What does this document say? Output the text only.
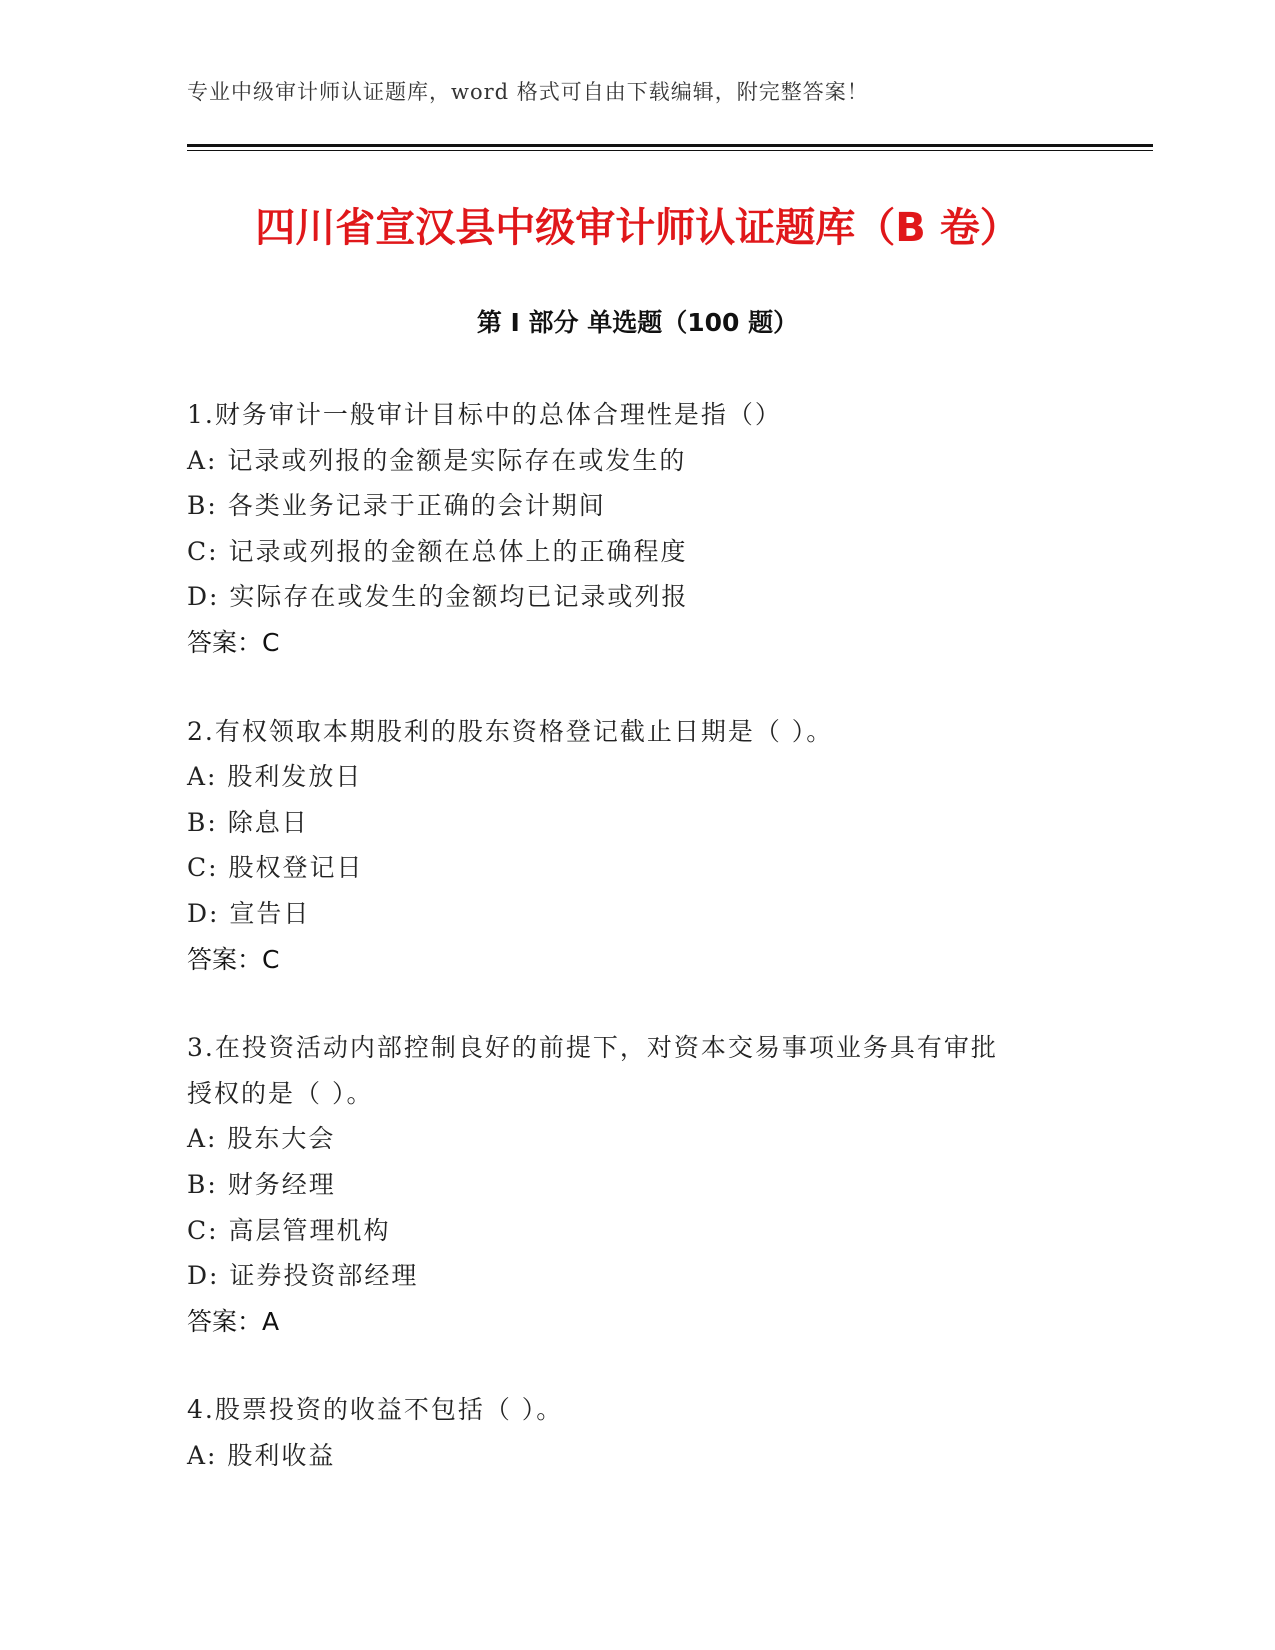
专业中级审计师认证题库，word 格式可自由下载编辑，附完整答案！
四川省宣汉县中级审计师认证题库（B 卷）
第 I 部分 单选题（100 题）
1.财务审计一般审计目标中的总体合理性是指（）
A: 记录或列报的金额是实际存在或发生的
B: 各类业务记录于正确的会计期间
C: 记录或列报的金额在总体上的正确程度
D: 实际存在或发生的金额均已记录或列报
答案：C
2.有权领取本期股利的股东资格登记截止日期是（ ）。
A: 股利发放日
B: 除息日
C: 股权登记日
D: 宣告日
答案：C
3.在投资活动内部控制良好的前提下，对资本交易事项业务具有审批
授权的是（ ）。
A: 股东大会
B: 财务经理
C: 高层管理机构
D: 证券投资部经理
答案：A
4.股票投资的收益不包括（ ）。
A: 股利收益
